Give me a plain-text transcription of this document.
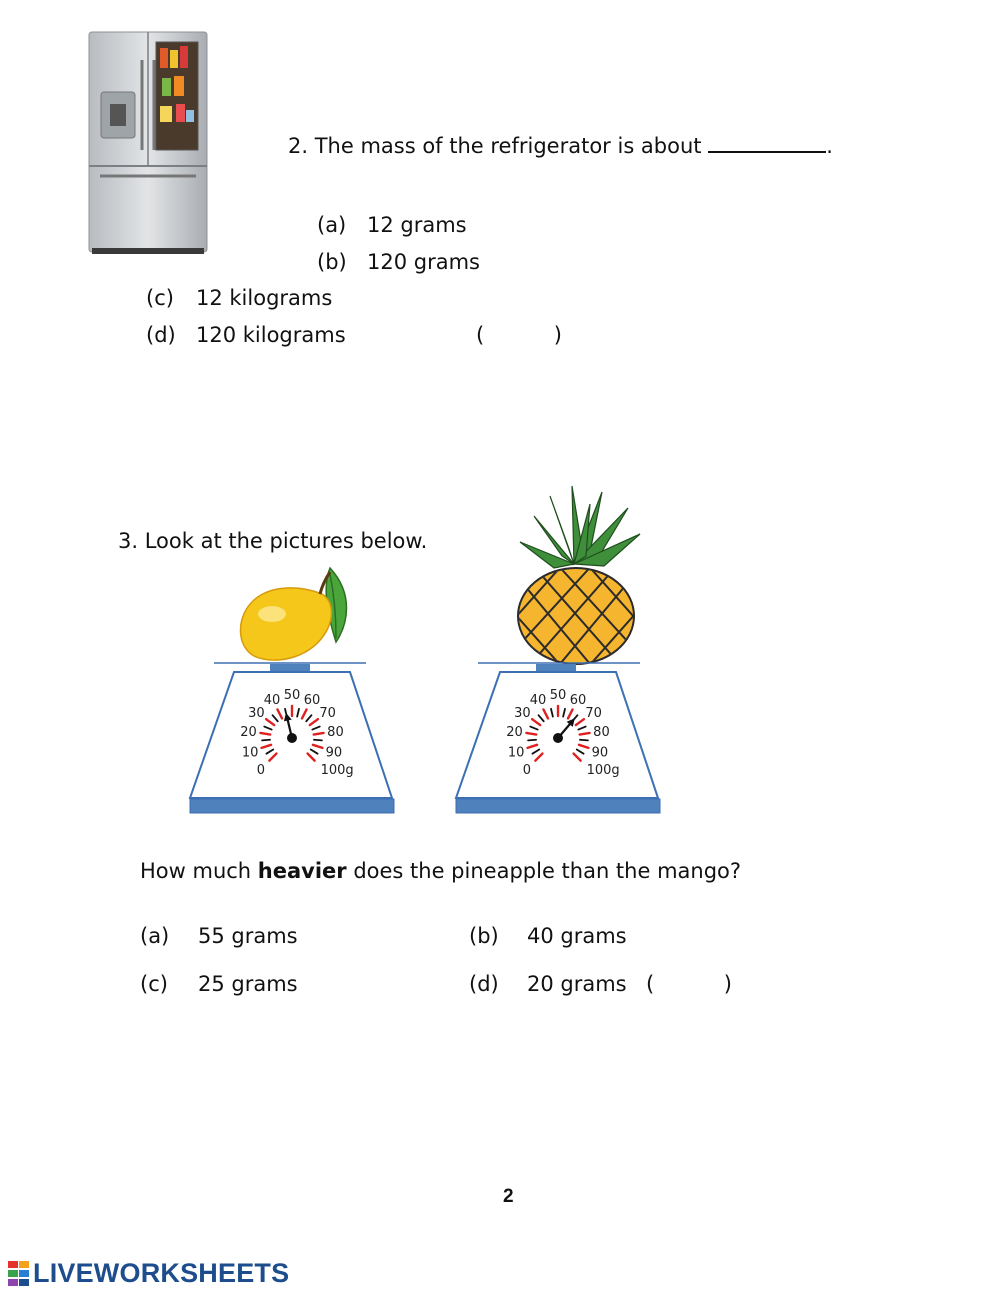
2. The mass of the refrigerator is about	.
(a) 12 grams
(b) 120 grams
(c) 12 kilograms
(d) 120 kilograms	(	)
3. Look at the pictures below.
0
10
20
30
40 50 60
70
80
90
100g	0
10
20
30
40 50 60
70
80
90
100g
How much heavier does the pineapple than the mango?
(a) 55 grams	(b) 40 grams
(c) 25 grams	(d) 20 grams (	)
2
LIVEWORKSHEETS
